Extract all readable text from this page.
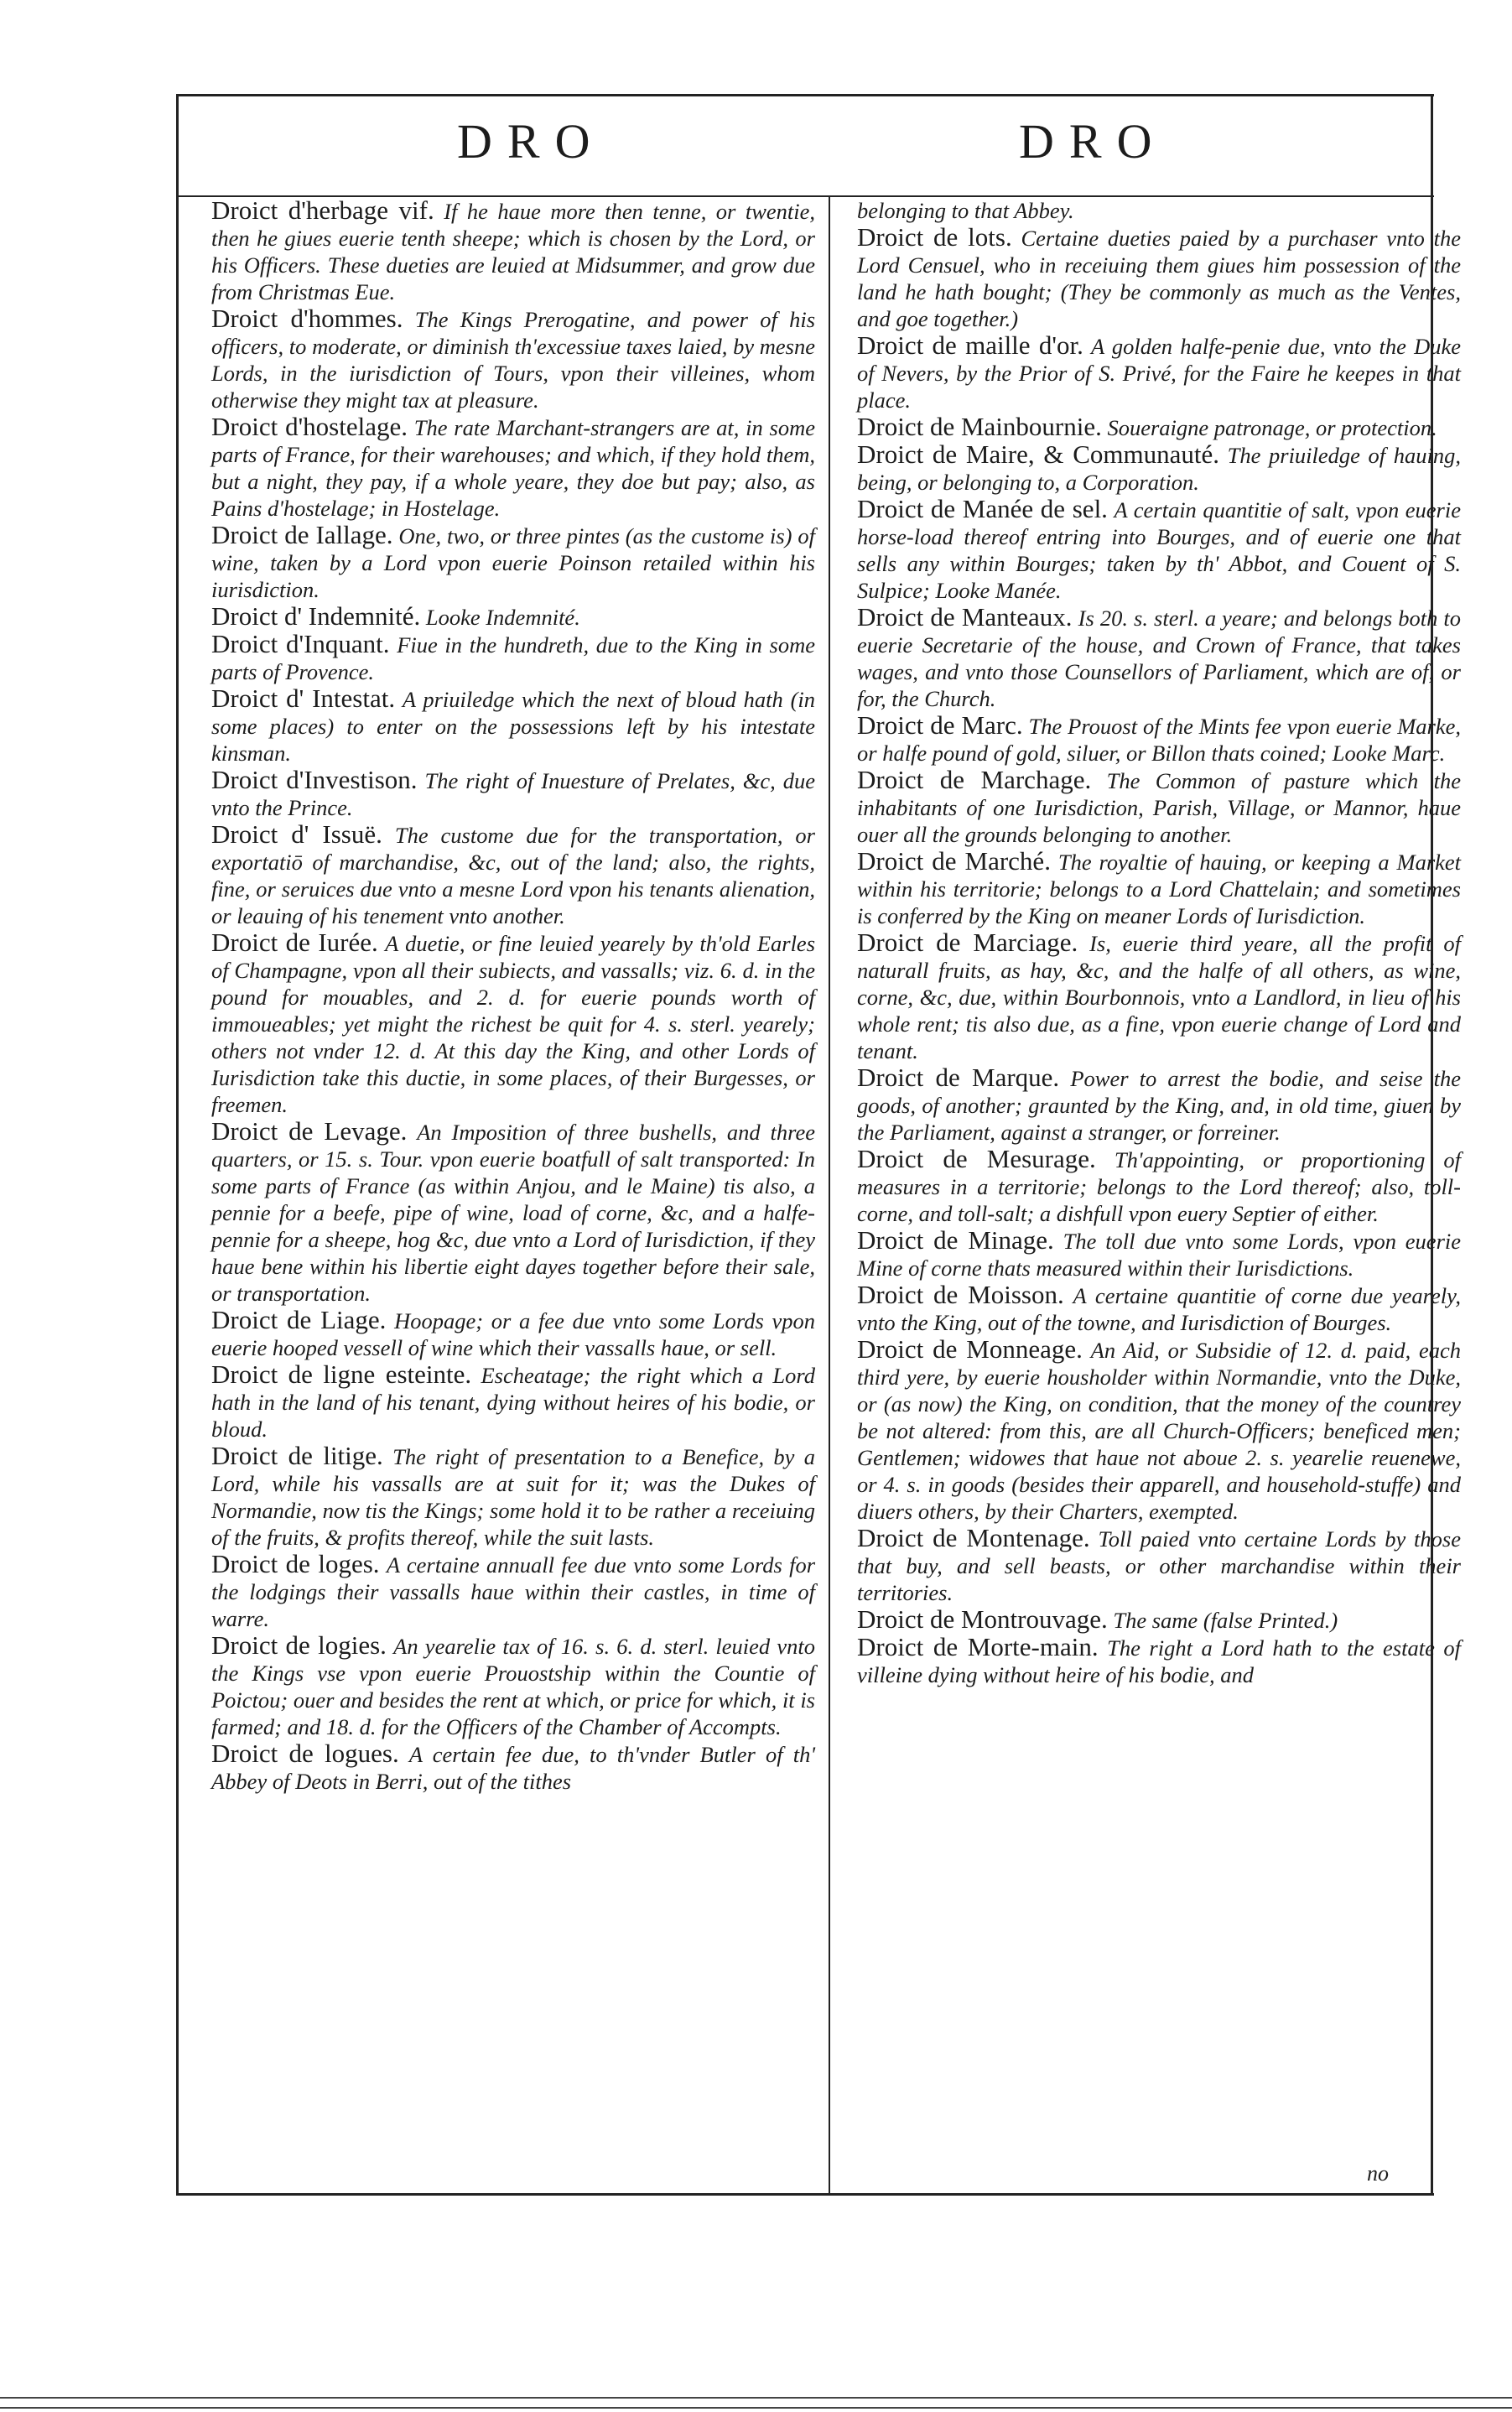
DRO	DRO

Droict d'herbage vif. If he haue more then tenne, or twentie, then he giues euerie tenth sheepe; which is chosen by the Lord, or his Officers. These dueties are leuied at Midsummer, and grow due from Christmas Eue.

Droict d'hommes. The Kings Prerogatine, and power of his officers, to moderate, or diminish th'excessiue taxes laied, by mesne Lords, in the iurisdiction of Tours, vpon their villeines, whom otherwise they might tax at pleasure.

Droict d'hostelage. The rate Marchant-strangers are at, in some parts of France, for their warehouses; and which, if they hold them, but a night, they pay, if a whole yeare, they doe but pay; also, as Pains d'hostelage; in Hostelage.

Droict de Iallage. One, two, or three pintes (as the custome is) of wine, taken by a Lord vpon euerie Poinson retailed within his iurisdiction.

Droict d' Indemnité. Looke Indemnité.

Droict d'Inquant. Fiue in the hundreth, due to the King in some parts of Provence.

Droict d' Intestat. A priuiledge which the next of bloud hath (in some places) to enter on the possessions left by his intestate kinsman.

Droict d'Investison. The right of Inuesture of Prelates, &c, due vnto the Prince.

Droict d' Issuë. The custome due for the transportation, or exportatiō of marchandise, &c, out of the land; also, the rights, fine, or seruices due vnto a mesne Lord vpon his tenants alienation, or leauing of his tenement vnto another.

Droict de Iurée. A duetie, or fine leuied yearely by th'old Earles of Champagne, vpon all their subiects, and vassalls; viz. 6. d. in the pound for mouables, and 2. d. for euerie pounds worth of immoueables; yet might the richest be quit for 4. s. sterl. yearely; others not vnder 12. d. At this day the King, and other Lords of Iurisdiction take this ductie, in some places, of their Burgesses, or freemen.

Droict de Levage. An Imposition of three bushells, and three quarters, or 15. s. Tour. vpon euerie boatfull of salt transported: In some parts of France (as within Anjou, and le Maine) tis also, a pennie for a beefe, pipe of wine, load of corne, &c, and a halfe-pennie for a sheepe, hog &c, due vnto a Lord of Iurisdiction, if they haue bene within his libertie eight dayes together before their sale, or transportation.

Droict de Liage. Hoopage; or a fee due vnto some Lords vpon euerie hooped vessell of wine which their vassalls haue, or sell.

Droict de ligne esteinte. Escheatage; the right which a Lord hath in the land of his tenant, dying without heires of his bodie, or bloud.

Droict de litige. The right of presentation to a Benefice, by a Lord, while his vassalls are at suit for it; was the Dukes of Normandie, now tis the Kings; some hold it to be rather a receiuing of the fruits, & profits thereof, while the suit lasts.

Droict de loges. A certaine annuall fee due vnto some Lords for the lodgings their vassalls haue within their castles, in time of warre.

Droict de logies. An yearelie tax of 16. s. 6. d. sterl. leuied vnto the Kings vse vpon euerie Prouostship within the Countie of Poictou; ouer and besides the rent at which, or price for which, it is farmed; and 18. d. for the Officers of the Chamber of Accompts.

Droict de logues. A certain fee due, to th'vnder Butler of th' Abbey of Deots in Berri, out of the tithes

belonging to that Abbey.

Droict de lots. Certaine dueties paied by a purchaser vnto the Lord Censuel, who in receiuing them giues him possession of the land he hath bought; (They be commonly as much as the Ventes, and goe together.)

Droict de maille d'or. A golden halfe-penie due, vnto the Duke of Nevers, by the Prior of S. Privé, for the Faire he keepes in that place.

Droict de Mainbournie. Soueraigne patronage, or protection.

Droict de Maire, & Communauté. The priuiledge of hauing, being, or belonging to, a Corporation.

Droict de Manée de sel. A certain quantitie of salt, vpon euerie horse-load thereof entring into Bourges, and of euerie one that sells any within Bourges; taken by th' Abbot, and Couent of S. Sulpice; Looke Manée.

Droict de Manteaux. Is 20. s. sterl. a yeare; and belongs both to euerie Secretarie of the house, and Crown of France, that takes wages, and vnto those Counsellors of Parliament, which are of, or for, the Church.

Droict de Marc. The Prouost of the Mints fee vpon euerie Marke, or halfe pound of gold, siluer, or Billon thats coined; Looke Marc.

Droict de Marchage. The Common of pasture which the inhabitants of one Iurisdiction, Parish, Village, or Mannor, haue ouer all the grounds belonging to another.

Droict de Marché. The royaltie of hauing, or keeping a Market within his territorie; belongs to a Lord Chattelain; and sometimes is conferred by the King on meaner Lords of Iurisdiction.

Droict de Marciage. Is, euerie third yeare, all the profit of naturall fruits, as hay, &c, and the halfe of all others, as wine, corne, &c, due, within Bourbonnois, vnto a Landlord, in lieu of his whole rent; tis also due, as a fine, vpon euerie change of Lord and tenant.

Droict de Marque. Power to arrest the bodie, and seise the goods, of another; graunted by the King, and, in old time, giuen by the Parliament, against a stranger, or forreiner.

Droict de Mesurage. Th'appointing, or proportioning of measures in a territorie; belongs to the Lord thereof; also, toll-corne, and toll-salt; a dishfull vpon euery Septier of either.

Droict de Minage. The toll due vnto some Lords, vpon euerie Mine of corne thats measured within their Iurisdictions.

Droict de Moisson. A certaine quantitie of corne due yearely, vnto the King, out of the towne, and Iurisdiction of Bourges.

Droict de Monneage. An Aid, or Subsidie of 12. d. paid, each third yere, by euerie housholder within Normandie, vnto the Duke, or (as now) the King, on condition, that the money of the countrey be not altered: from this, are all Church-Officers; beneficed men; Gentlemen; widowes that haue not aboue 2. s. yearelie reuenewe, or 4. s. in goods (besides their apparell, and household-stuffe) and diuers others, by their Charters, exempted.

Droict de Montenage. Toll paied vnto certaine Lords by those that buy, and sell beasts, or other marchandise within their territories.

Droict de Montrouvage. The same (false Printed.)

Droict de Morte-main. The right a Lord hath to the estate of villeine dying without heire of his bodie, and

no
